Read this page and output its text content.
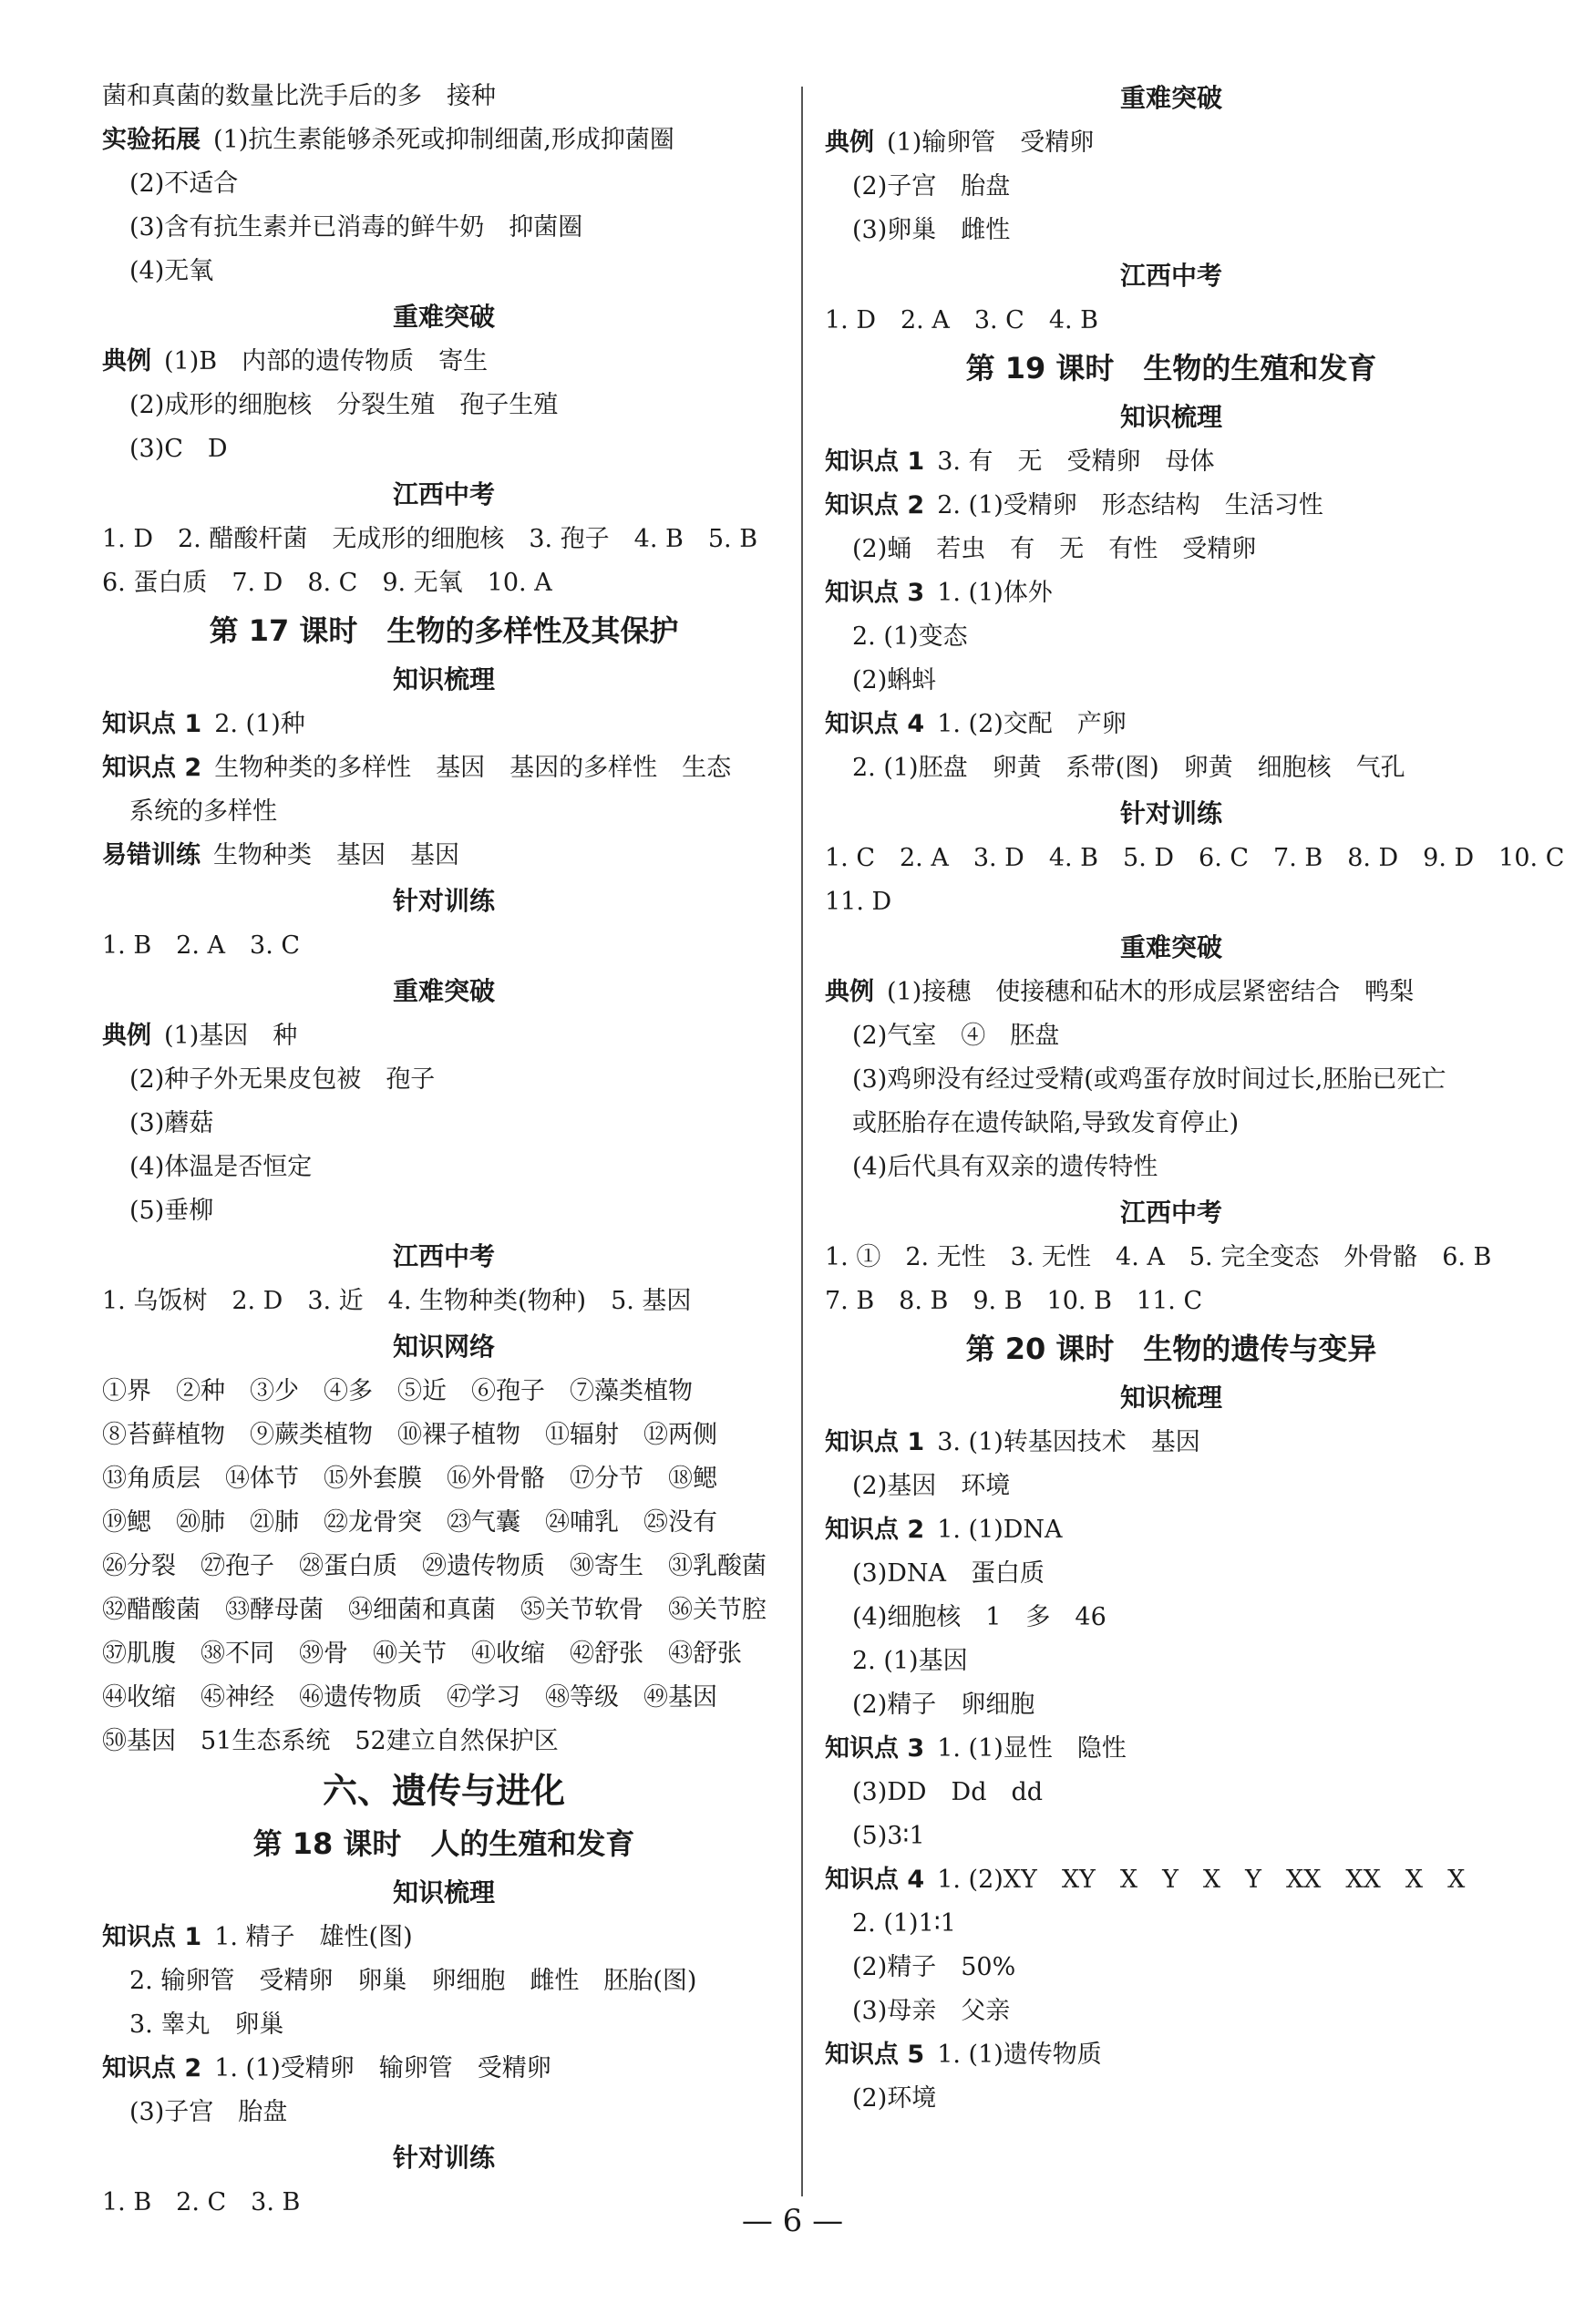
菌和真菌的数量比洗手后的多　接种
实验拓展 (1)抗生素能够杀死或抑制细菌,形成抑菌圈
(2)不适合
(3)含有抗生素并已消毒的鲜牛奶　抑菌圈
(4)无氧
重难突破
典例 (1)B　内部的遗传物质　寄生
(2)成形的细胞核　分裂生殖　孢子生殖
(3)C　D
江西中考
1. D　2. 醋酸杆菌　无成形的细胞核　3. 孢子　4. B　5. B
6. 蛋白质　7. D　8. C　9. 无氧　10. A
第 17 课时　生物的多样性及其保护
知识梳理
知识点 1 2. (1)种
知识点 2 生物种类的多样性　基因　基因的多样性　生态
系统的多样性
易错训练 生物种类　基因　基因
针对训练
1. B　2. A　3. C
重难突破
典例 (1)基因　种
(2)种子外无果皮包被　孢子
(3)蘑菇
(4)体温是否恒定
(5)垂柳
江西中考
1. 乌饭树　2. D　3. 近　4. 生物种类(物种)　5. 基因
知识网络
①界　②种　③少　④多　⑤近　⑥孢子　⑦藻类植物
⑧苔藓植物　⑨蕨类植物　⑩裸子植物　⑪辐射　⑫两侧
⑬角质层　⑭体节　⑮外套膜　⑯外骨骼　⑰分节　⑱鳃
⑲鳃　⑳肺　㉑肺　㉒龙骨突　㉓气囊　㉔哺乳　㉕没有
㉖分裂　㉗孢子　㉘蛋白质　㉙遗传物质　㉚寄生　㉛乳酸菌
㉜醋酸菌　㉝酵母菌　㉞细菌和真菌　㉟关节软骨　㊱关节腔
㊲肌腹　㊳不同　㊴骨　㊵关节　㊶收缩　㊷舒张　㊸舒张
㊹收缩　㊺神经　㊻遗传物质　㊼学习　㊽等级　㊾基因
㊿基因　51生态系统　52建立自然保护区
六、遗传与进化
第 18 课时　人的生殖和发育
知识梳理
知识点 1 1. 精子　雄性(图)
2. 输卵管　受精卵　卵巢　卵细胞　雌性　胚胎(图)
3. 睾丸　卵巢
知识点 2 1. (1)受精卵　输卵管　受精卵
(3)子宫　胎盘
针对训练
1. B　2. C　3. B
重难突破
典例 (1)输卵管　受精卵
(2)子宫　胎盘
(3)卵巢　雌性
江西中考
1. D　2. A　3. C　4. B
第 19 课时　生物的生殖和发育
知识梳理
知识点 1 3. 有　无　受精卵　母体
知识点 2 2. (1)受精卵　形态结构　生活习性
(2)蛹　若虫　有　无　有性　受精卵
知识点 3 1. (1)体外
2. (1)变态
(2)蝌蚪
知识点 4 1. (2)交配　产卵
2. (1)胚盘　卵黄　系带(图)　卵黄　细胞核　气孔
针对训练
1. C　2. A　3. D　4. B　5. D　6. C　7. B　8. D　9. D　10. C
11. D
重难突破
典例 (1)接穗　使接穗和砧木的形成层紧密结合　鸭梨
(2)气室　④　胚盘
(3)鸡卵没有经过受精(或鸡蛋存放时间过长,胚胎已死亡
或胚胎存在遗传缺陷,导致发育停止)
(4)后代具有双亲的遗传特性
江西中考
1. ①　2. 无性　3. 无性　4. A　5. 完全变态　外骨骼　6. B
7. B　8. B　9. B　10. B　11. C
第 20 课时　生物的遗传与变异
知识梳理
知识点 1 3. (1)转基因技术　基因
(2)基因　环境
知识点 2 1. (1)DNA
(3)DNA　蛋白质
(4)细胞核　1　多　46
2. (1)基因
(2)精子　卵细胞
知识点 3 1. (1)显性　隐性
(3)DD　Dd　dd
(5)3∶1
知识点 4 1. (2)XY　XY　X　Y　X　Y　XX　XX　X　X
2. (1)1∶1
(2)精子　50%
(3)母亲　父亲
知识点 5 1. (1)遗传物质
(2)环境
— 6 —
